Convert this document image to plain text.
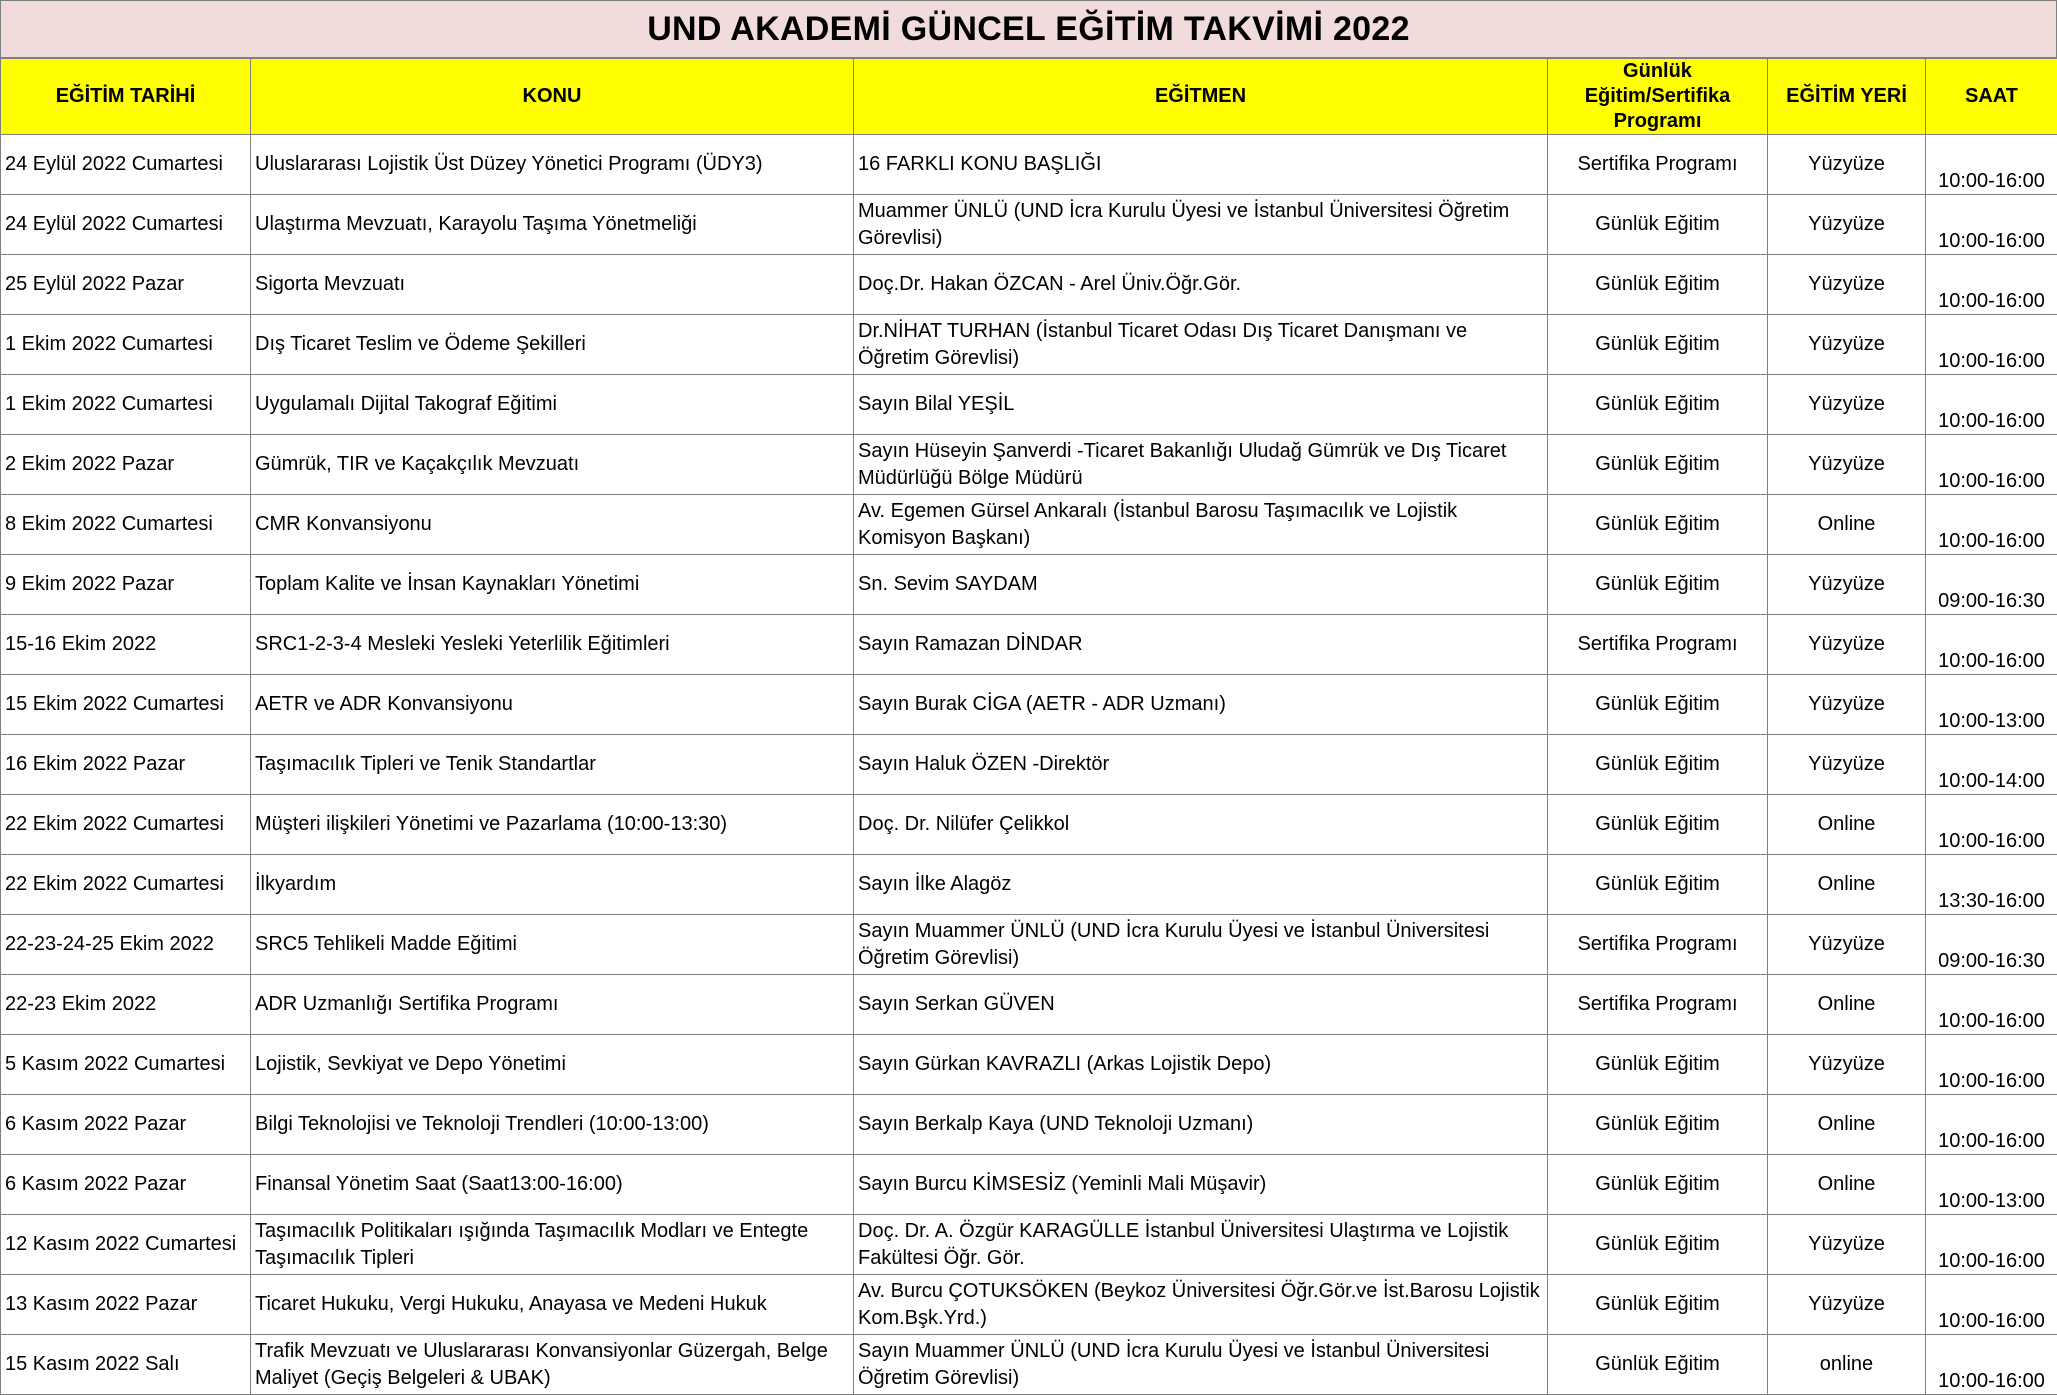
UND AKADEMİ GÜNCEL EĞİTİM TAKVİMİ 2022
EĞİTİM TARİHİ	KONU	EĞİTMEN	Günlük Eğitim/Sertifika Programı	EĞİTİM YERİ	SAAT

24 Eylül 2022 Cumartesi	Uluslararası Lojistik Üst Düzey Yönetici Programı (ÜDY3)	16 FARKLI KONU BAŞLIĞI	Sertifika Programı	Yüzyüze	10:00-16:00

24 Eylül 2022 Cumartesi	Ulaştırma Mevzuatı, Karayolu Taşıma Yönetmeliği	Muammer ÜNLÜ (UND İcra Kurulu Üyesi ve İstanbul Üniversitesi Öğretim Görevlisi)	Günlük Eğitim	Yüzyüze	10:00-16:00

25 Eylül 2022 Pazar	Sigorta Mevzuatı	Doç.Dr. Hakan ÖZCAN - Arel Üniv.Öğr.Gör.	Günlük Eğitim	Yüzyüze	10:00-16:00

1 Ekim 2022 Cumartesi	Dış Ticaret Teslim ve Ödeme Şekilleri	Dr.NİHAT TURHAN (İstanbul Ticaret Odası Dış Ticaret Danışmanı ve Öğretim Görevlisi)	Günlük Eğitim	Yüzyüze	10:00-16:00

1 Ekim 2022 Cumartesi	Uygulamalı Dijital Takograf Eğitimi	Sayın Bilal YEŞİL	Günlük Eğitim	Yüzyüze	10:00-16:00

2 Ekim 2022 Pazar	Gümrük, TIR ve Kaçakçılık Mevzuatı	Sayın Hüseyin Şanverdi -Ticaret Bakanlığı Uludağ Gümrük ve Dış Ticaret Müdürlüğü Bölge Müdürü	Günlük Eğitim	Yüzyüze	10:00-16:00

8 Ekim 2022 Cumartesi	CMR Konvansiyonu	Av. Egemen Gürsel Ankaralı (İstanbul Barosu Taşımacılık ve Lojistik Komisyon Başkanı)	Günlük Eğitim	Online	10:00-16:00

9 Ekim 2022 Pazar	Toplam Kalite ve İnsan Kaynakları Yönetimi	Sn. Sevim SAYDAM	Günlük Eğitim	Yüzyüze	09:00-16:30

15-16 Ekim 2022	SRC1-2-3-4 Mesleki Yesleki Yeterlilik Eğitimleri	Sayın Ramazan DİNDAR	Sertifika Programı	Yüzyüze	10:00-16:00

15 Ekim 2022 Cumartesi	AETR ve ADR Konvansiyonu	Sayın Burak CİGA (AETR - ADR Uzmanı)	Günlük Eğitim	Yüzyüze	10:00-13:00

16 Ekim 2022 Pazar	Taşımacılık Tipleri ve Tenik Standartlar	Sayın Haluk ÖZEN -Direktör	Günlük Eğitim	Yüzyüze	10:00-14:00

22 Ekim 2022 Cumartesi	Müşteri ilişkileri Yönetimi ve Pazarlama (10:00-13:30)	Doç. Dr. Nilüfer Çelikkol	Günlük Eğitim	Online	10:00-16:00

22 Ekim 2022 Cumartesi	İlkyardım	Sayın İlke Alagöz	Günlük Eğitim	Online	13:30-16:00

22-23-24-25 Ekim 2022	SRC5 Tehlikeli Madde Eğitimi	Sayın Muammer ÜNLÜ (UND İcra Kurulu Üyesi ve İstanbul Üniversitesi Öğretim Görevlisi)	Sertifika Programı	Yüzyüze	09:00-16:30

22-23 Ekim 2022	ADR Uzmanlığı Sertifika Programı	Sayın Serkan GÜVEN	Sertifika Programı	Online	10:00-16:00

5 Kasım 2022 Cumartesi	Lojistik, Sevkiyat ve Depo Yönetimi	Sayın Gürkan KAVRAZLI (Arkas Lojistik Depo)	Günlük Eğitim	Yüzyüze	10:00-16:00

6 Kasım 2022 Pazar	Bilgi Teknolojisi ve Teknoloji Trendleri (10:00-13:00)	Sayın Berkalp Kaya (UND Teknoloji Uzmanı)	Günlük Eğitim	Online	10:00-16:00

6 Kasım 2022 Pazar	Finansal Yönetim Saat (Saat13:00-16:00)	Sayın Burcu KİMSESİZ (Yeminli Mali Müşavir)	Günlük Eğitim	Online	10:00-13:00

12 Kasım 2022 Cumartesi	Taşımacılık Politikaları ışığında Taşımacılık Modları ve Entegte Taşımacılık Tipleri	Doç. Dr. A. Özgür KARAGÜLLE İstanbul Üniversitesi Ulaştırma ve Lojistik Fakültesi Öğr. Gör.	Günlük Eğitim	Yüzyüze	10:00-16:00

13 Kasım 2022 Pazar	Ticaret Hukuku, Vergi Hukuku, Anayasa ve Medeni Hukuk	Av. Burcu ÇOTUKSÖKEN (Beykoz Üniversitesi Öğr.Gör.ve İst.Barosu Lojistik Kom.Bşk.Yrd.)	Günlük Eğitim	Yüzyüze	10:00-16:00

15 Kasım 2022 Salı	Trafik Mevzuatı ve Uluslararası Konvansiyonlar Güzergah, Belge Maliyet (Geçiş Belgeleri & UBAK)	Sayın Muammer ÜNLÜ (UND İcra Kurulu Üyesi ve İstanbul Üniversitesi Öğretim Görevlisi)	Günlük Eğitim	online	10:00-16:00
